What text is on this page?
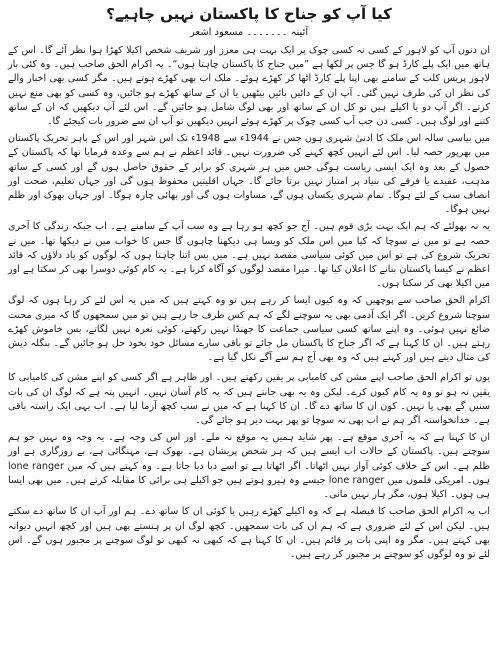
کیا آپ کو جناح کا پاکستان نہیں چاہیے؟
آئینہ ۔۔۔۔۔۔۔ مسعود اشعر

ان دنوں آپ کو لاہور کے کسی نہ کسی چوک پر ایک بہت ہی معزز اور شریف شخص اکیلا کھڑا ہوا نظر آئے گا۔ اس کے ہاتھ میں ایک پلے کارڈ ہو گا جس پر لکھا ہے ”میں جناح کا پاکستان چاہتا ہوں“۔ یہ اکرام الحق صاحب ہیں۔ وہ کئی بار لاہور پریس کلب کے سامنے بھی اپنا پلے کارڈ اٹھا کر کھڑے ہوئے۔ ملک اب بھی کھڑے ہوتے ہیں۔ مگر کسی بھی اخبار والے کی نظر ان کی طرف نہیں گئی۔ آپ ان کے دائیں بائیں بیٹھیں یا ان کے ساتھ کھڑے ہو جائیں، وہ کسی کو بھی منع نہیں کرتے۔ اگر آپ دو یا اکیلے ہیں تو کل ان کے ساتھ اور بھی لوگ شامل ہو جائیں گے۔ اس لئے آپ دیکھیں کہ ان کے ساتھ کتنے اور لوگ ہیں۔ کسی دن جب آپ کسی چوک پر کھڑے ہوئے انہیں دیکھیں تو آپ ان سے ضرور بات کیجئے گا۔

میں بیاسی سالہ اس ملک کا ادنیٰ شہری ہوں جس نے 1944ء سے 1948ء تک اس شہر اور اس کے باہر تحریک پاکستان میں بھرپور حصہ لیا۔ اس لئے انہیں کچھ کہنے کی ضرورت نہیں۔ قائد اعظم نے ہم سے وعدہ فرمایا تھا کہ پاکستان کے حصول کے بعد وہ ایک ایسی ریاست ہوگی جس میں ہر شہری کو برابر کے حقوق حاصل ہوں گے اور کسی کے ساتھ مذہب، عقیدے یا فرقے کی بنیاد پر امتیاز نہیں برتا جائے گا۔ جہاں اقلیتیں محفوظ ہوں گی اور جہاں تعلیم، صحت اور انصاف سب کے لئے ہوگا۔ تمام شہری یکساں ہوں گے، مساوات ہوں گی اور بھائی چارہ ہوگا۔ اور جہاں بھوک اور ظلم نہیں ہوگا۔

یہ نہ بھولئے کہ ہم ایک بہت بڑی قوم ہیں۔ آج جو کچھ ہو رہا ہے وہ سب آپ کے سامنے ہے۔ اب جبکہ زندگی کا آخری حصہ ہے تو میں نے سوچا کہ کیا میں اس ملک کو ویسا ہی دیکھنا چاہوں گا جس کا خواب میں نے دیکھا تھا۔ میں نے تحریک شروع کی ہے تو اس میں کوئی سیاسی مقصد نہیں ہے۔ میں بس اتنا چاہتا ہوں کہ لوگوں کو یاد دلاؤں کہ قائد اعظم نے کیسا پاکستان بنانے کا اعلان کیا تھا۔ میرا مقصد لوگوں کو آگاہ کرنا ہے۔ یہ کام کوئی دوسرا بھی کر سکتا ہے اور میں اکیلا بھی کر سکتا ہوں۔

اکرام الحق صاحب سے پوچھیں کہ وہ کیوں ایسا کر رہے ہیں تو وہ کہتے ہیں کہ میں یہ اس لئے کر رہا ہوں کہ لوگ سوچنا شروع کریں۔ اگر ایک آدمی بھی یہ سوچنے لگے کہ ہم کس طرف جا رہے ہیں تو میں سمجھوں گا کہ میری محنت ضائع نہیں ہوئی۔ وہ اپنے ساتھ کسی سیاسی جماعت کا جھنڈا نہیں رکھتے، کوئی نعرہ نہیں لگاتے، بس خاموش کھڑے رہتے ہیں۔ ان کا کہنا ہے کہ اگر جناح کا پاکستان مل جائے تو باقی سارے مسائل خود بخود حل ہو جائیں گے۔ بنگلہ دیش کی مثال دیتے ہیں اور کہتے ہیں کہ وہ بھی آج ہم سے آگے نکل گیا ہے۔

یوں تو اکرام الحق صاحب اپنے مشن کی کامیابی پر یقین رکھتے ہیں۔ اور ظاہر ہے اگر کسی کو اپنے مشن کی کامیابی کا یقین نہ ہو تو وہ یہ کام کیوں کرے۔ لیکن وہ یہ بھی جانتے ہیں کہ یہ کام آسان نہیں۔ انہیں پتہ ہے کہ لوگ ان کی بات سنیں گے بھی یا نہیں۔ کون ان کا ساتھ دے گا۔ ان کا کہنا ہے کہ میں نے سب کچھ آزما لیا ہے۔ اب یہی ایک راستہ باقی ہے۔ خدانخواستہ اگر ہم نے اب بھی نہ سوچا تو پھر بہت دیر ہو جائے گی۔

ان کا کہنا ہے کہ یہ آخری موقع ہے۔ پھر شاید ہمیں یہ موقع نہ ملے۔ اور اس کی وجہ ہے۔ یہ وجہ وہ نہیں جو ہم سوچتے ہیں۔ پاکستان کے حالات اب ایسے ہیں کہ ہر شخص پریشان ہے۔ بھوک ہے، مہنگائی ہے، بے روزگاری ہے اور ظلم ہے۔ اس کے خلاف کوئی آواز نہیں اٹھاتا۔ اگر اٹھاتا ہے تو اسے دبا دیا جاتا ہے۔ وہ کہتے ہیں کہ میں lone ranger ہوں۔ امریکی فلموں میں lone ranger جیسے وہ ہیرو ہوتے ہیں جو اکیلے ہی برائی کا مقابلہ کرتے ہیں۔ میں بھی ایسا ہی ہوں۔ اکیلا ہوں، مگر ہار نہیں مانی۔

اب یہ اکرام الحق صاحب کا فیصلہ ہے کہ وہ اکیلے کھڑے رہیں یا کوئی ان کا ساتھ دے۔ ہم اور آپ ان کا ساتھ دے سکتے ہیں۔ لیکن اس کے لئے ضروری ہے کہ ہم ان کی بات سمجھیں۔ کچھ لوگ ان پر ہنستے بھی ہیں اور کچھ انہیں دیوانہ بھی کہتے ہیں۔ مگر وہ اپنی بات پر قائم ہیں۔ ان کا کہنا ہے کہ کبھی نہ کبھی تو لوگ سوچنے پر مجبور ہوں گے۔ اس لئے تو وہ لوگوں کو سوچنے پر مجبور کر رہے ہیں۔
